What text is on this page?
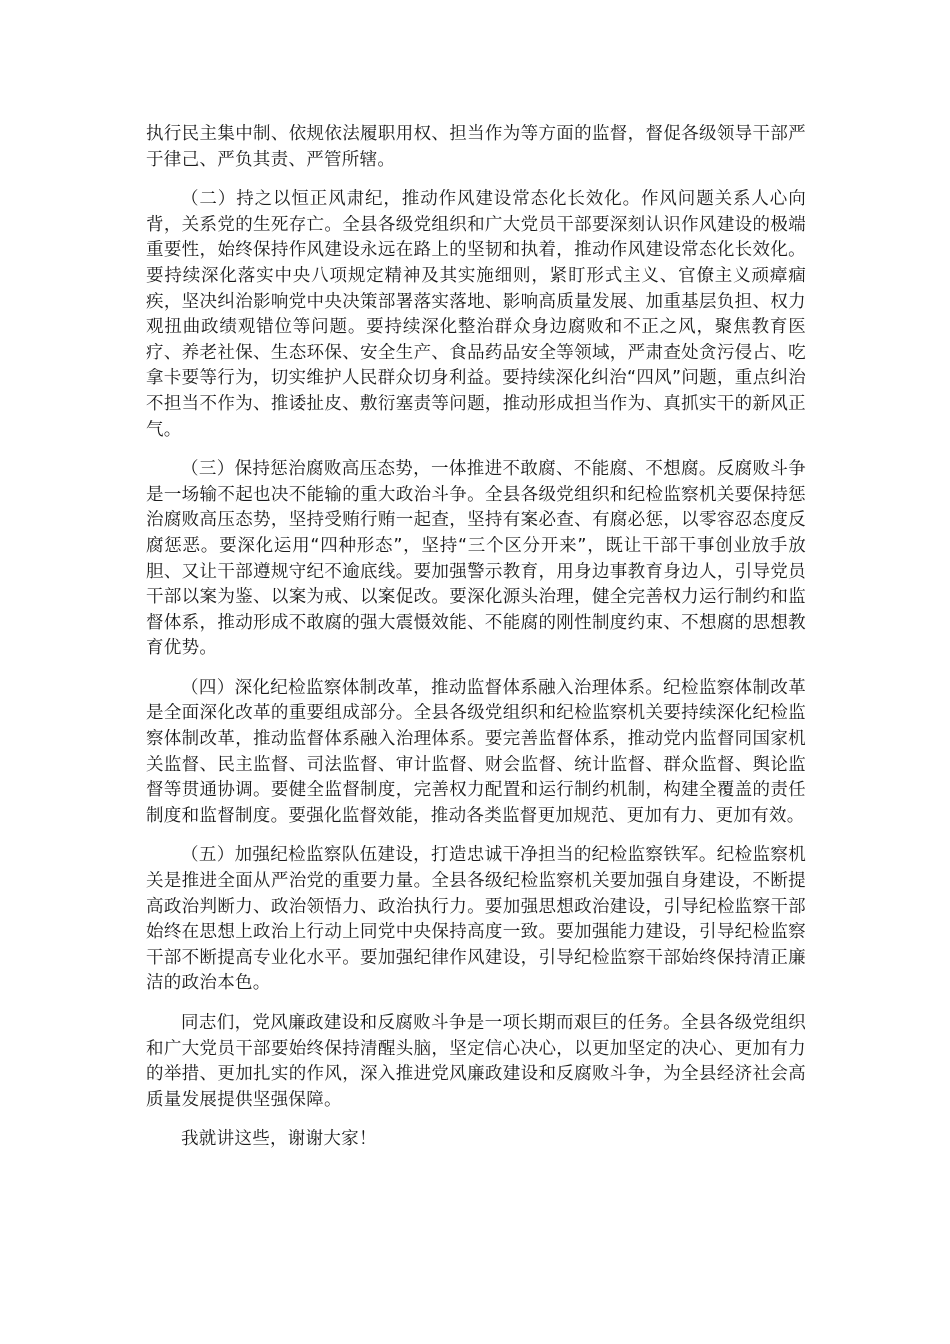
执行民主集中制、依规依法履职用权、担当作为等方面的监督，督促各级领导干部严于律己、严负其责、严管所辖。

（二）持之以恒正风肃纪，推动作风建设常态化长效化。作风问题关系人心向背，关系党的生死存亡。全县各级党组织和广大党员干部要深刻认识作风建设的极端重要性，始终保持作风建设永远在路上的坚韧和执着，推动作风建设常态化长效化。要持续深化落实中央八项规定精神及其实施细则，紧盯形式主义、官僚主义顽瘴痼疾，坚决纠治影响党中央决策部署落实落地、影响高质量发展、加重基层负担、权力观扭曲政绩观错位等问题。要持续深化整治群众身边腐败和不正之风，聚焦教育医疗、养老社保、生态环保、安全生产、食品药品安全等领域，严肃查处贪污侵占、吃拿卡要等行为，切实维护人民群众切身利益。要持续深化纠治“四风”问题，重点纠治不担当不作为、推诿扯皮、敷衍塞责等问题，推动形成担当作为、真抓实干的新风正气。

（三）保持惩治腐败高压态势，一体推进不敢腐、不能腐、不想腐。反腐败斗争是一场输不起也决不能输的重大政治斗争。全县各级党组织和纪检监察机关要保持惩治腐败高压态势，坚持受贿行贿一起查，坚持有案必查、有腐必惩，以零容忍态度反腐惩恶。要深化运用“四种形态”，坚持“三个区分开来”，既让干部干事创业放手放胆、又让干部遵规守纪不逾底线。要加强警示教育，用身边事教育身边人，引导党员干部以案为鉴、以案为戒、以案促改。要深化源头治理，健全完善权力运行制约和监督体系，推动形成不敢腐的强大震慑效能、不能腐的刚性制度约束、不想腐的思想教育优势。

（四）深化纪检监察体制改革，推动监督体系融入治理体系。纪检监察体制改革是全面深化改革的重要组成部分。全县各级党组织和纪检监察机关要持续深化纪检监察体制改革，推动监督体系融入治理体系。要完善监督体系，推动党内监督同国家机关监督、民主监督、司法监督、审计监督、财会监督、统计监督、群众监督、舆论监督等贯通协调。要健全监督制度，完善权力配置和运行制约机制，构建全覆盖的责任制度和监督制度。要强化监督效能，推动各类监督更加规范、更加有力、更加有效。

（五）加强纪检监察队伍建设，打造忠诚干净担当的纪检监察铁军。纪检监察机关是推进全面从严治党的重要力量。全县各级纪检监察机关要加强自身建设，不断提高政治判断力、政治领悟力、政治执行力。要加强思想政治建设，引导纪检监察干部始终在思想上政治上行动上同党中央保持高度一致。要加强能力建设，引导纪检监察干部不断提高专业化水平。要加强纪律作风建设，引导纪检监察干部始终保持清正廉洁的政治本色。

同志们，党风廉政建设和反腐败斗争是一项长期而艰巨的任务。全县各级党组织和广大党员干部要始终保持清醒头脑，坚定信心决心，以更加坚定的决心、更加有力的举措、更加扎实的作风，深入推进党风廉政建设和反腐败斗争，为全县经济社会高质量发展提供坚强保障。

我就讲这些，谢谢大家！
